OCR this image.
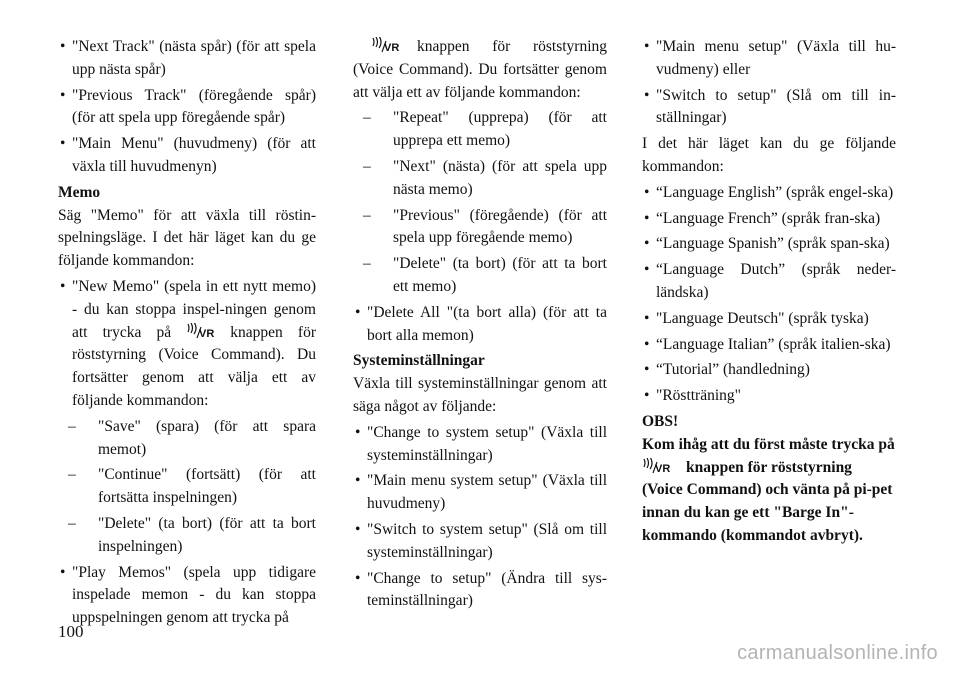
• "Next Track" (nästa spår) (för att spela upp nästa spår)
• "Previous Track" (föregående spår) (för att spela upp föregående spår)
• "Main Menu" (huvudmeny) (för att växla till huvudmenyn)
Memo
Säg "Memo" för att växla till röstin-spelningsläge. I det här läget kan du ge följande kommandon:
• "New Memo" (spela in ett nytt memo) - du kan stoppa inspel-ningen genom att trycka på	knappen för röststyrning (Voice Command). Du fortsätter genom att välja ett av följande kommandon:
– "Save" (spara) (för att spara memot)
– "Continue" (fortsätt) (för att fortsätta inspelningen)
– "Delete" (ta bort) (för att ta bort inspelningen)
• "Play Memos" (spela upp tidigare inspelade memon - du kan stoppa uppspelningen genom att trycka på
knappen för röststyrning (Voice Command). Du fortsätter genom att välja ett av följande kommandon:
– "Repeat" (upprepa) (för att upprepa ett memo)
– "Next" (nästa) (för att spela upp nästa memo)
– "Previous" (föregående) (för att spela upp föregående memo)
– "Delete" (ta bort) (för att ta bort ett memo)
• "Delete All "(ta bort alla) (för att ta bort alla memon)
Systeminställningar
Växla till systeminställningar genom att säga något av följande:
• "Change to system setup" (Växla till systeminställningar)
• "Main menu system setup" (Växla till huvudmeny)
• "Switch to system setup" (Slå om till systeminställningar)
• "Change to setup" (Ändra till sys-teminställningar)
• "Main menu setup" (Växla till hu-vudmeny) eller
• "Switch to setup" (Slå om till in-ställningar)
I det här läget kan du ge följande kommandon:
• “Language English” (språk engel-ska)
• “Language French” (språk fran-ska)
• “Language Spanish” (språk span-ska)
• “Language Dutch” (språk neder-ländska)
• "Language Deutsch" (språk tyska)
• “Language Italian” (språk italien-ska)
• “Tutorial” (handledning)
• "Röstträning"
OBS!
Kom ihåg att du först måste trycka på knappen för röststyrning (Voice Command) och vänta på pi-pet innan du kan ge ett "Barge In"-kommando (kommandot avbryt).
100
carmanualsonline.info
